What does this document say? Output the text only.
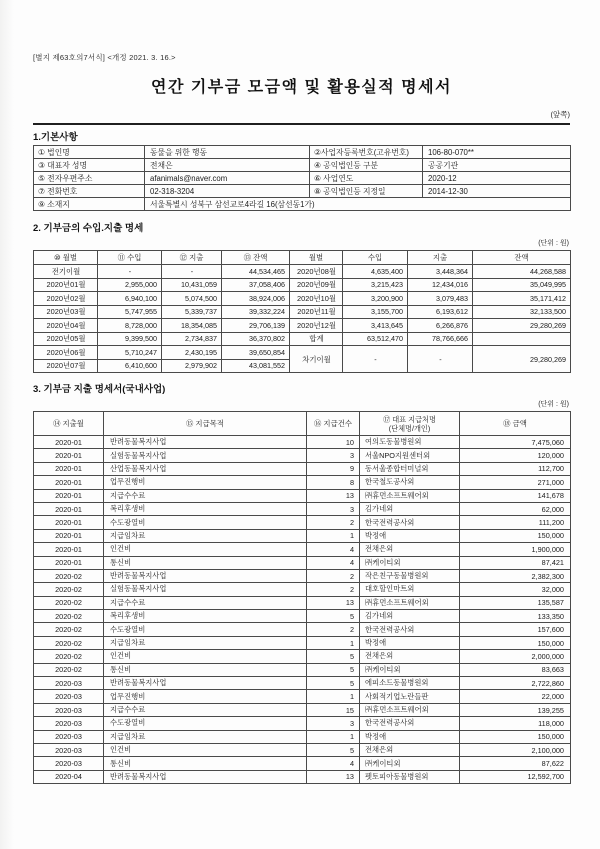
[별지 제63호의7서식] <개정 2021. 3. 16.>
연간 기부금 모금액 및 활용실적 명세서
(앞쪽)
1.기본사항
① 법인명	동물을 위한 행동	②사업자등록번호(고유번호)	106-80-070**
③ 대표자 성명	전채은	④ 공익법인등 구분	공공기관
⑤ 전자우편주소	afanimals@naver.com	⑥ 사업연도	2020-12
⑦ 전화번호	02-318-3204	⑧ 공익법인등 지정일	2014-12-30
⑨ 소재지	서울특별시 성북구 삼선교로4라길 16(삼선동1가)		
2. 기부금의 수입.지출 명세
(단위 : 원)
⑩ 월별	⑪ 수입	⑫ 지출	⑬ 잔액	월별	수입	지출	잔액
전기이월	-	-	44,534,465	2020년08월	4,635,400	3,448,364	44,268,588
2020년01월	2,955,000	10,431,059	37,058,406	2020년09월	3,215,423	12,434,016	35,049,995
2020년02월	6,940,100	5,074,500	38,924,006	2020년10월	3,200,900	3,079,483	35,171,412
2020년03월	5,747,955	5,339,737	39,332,224	2020년11월	3,155,700	6,193,612	32,133,500
2020년04월	8,728,000	18,354,085	29,706,139	2020년12월	3,413,645	6,266,876	29,280,269
2020년05월	9,399,500	2,734,837	36,370,802	합계	63,512,470	78,766,666	
2020년06월	5,710,247	2,430,195	39,650,854	차기이월	-	-	29,280,269
2020년07월	6,410,600	2,979,902	43,081,552				
3. 기부금 지출 명세서(국내사업)
(단위 : 원)
⑭ 지출월	⑮ 지급목적	⑯ 지급건수	⑰ 대표 지급처명
(단체명/개인)	⑱ 금액
2020-01	반려동물복지사업	10	여의도동물병원외	7,475,060
2020-01	실험동물복지사업	3	서울NPO지원센터외	120,000
2020-01	산업동물복지사업	9	동서울종합터미널외	112,700
2020-01	업무진행비	8	한국철도공사외	271,000
2020-01	지급수수료	13	㈜휴먼소프트웨어외	141,678
2020-01	복리후생비	3	김가네외	62,000
2020-01	수도광열비	2	한국전력공사외	111,200
2020-01	지급임차료	1	박정애	150,000
2020-01	인건비	4	전채은외	1,900,000
2020-01	통신비	4	㈜케이티외	87,421
2020-02	반려동물복지사업	2	작은친구동물병원외	2,382,300
2020-02	실험동물복지사업	2	대호할인마트외	32,000
2020-02	지급수수료	13	㈜휴먼소프트웨어외	135,587
2020-02	복리후생비	5	김가네외	133,350
2020-02	수도광열비	2	한국전력공사외	157,600
2020-02	지급임차료	1	박정애	150,000
2020-02	인건비	5	전채은외	2,000,000
2020-02	통신비	5	㈜케이티외	83,663
2020-03	반려동물복지사업	5	에피소드동물병원외	2,722,860
2020-03	업무진행비	1	사회적기업노란들판	22,000
2020-03	지급수수료	15	㈜휴먼소프트웨어외	139,255
2020-03	수도광열비	3	한국전력공사외	118,000
2020-03	지급임차료	1	박정애	150,000
2020-03	인건비	5	전채은외	2,100,000
2020-03	통신비	4	㈜케이티외	87,622
2020-04	반려동물복지사업	13	펫토피아동물병원외	12,592,700
